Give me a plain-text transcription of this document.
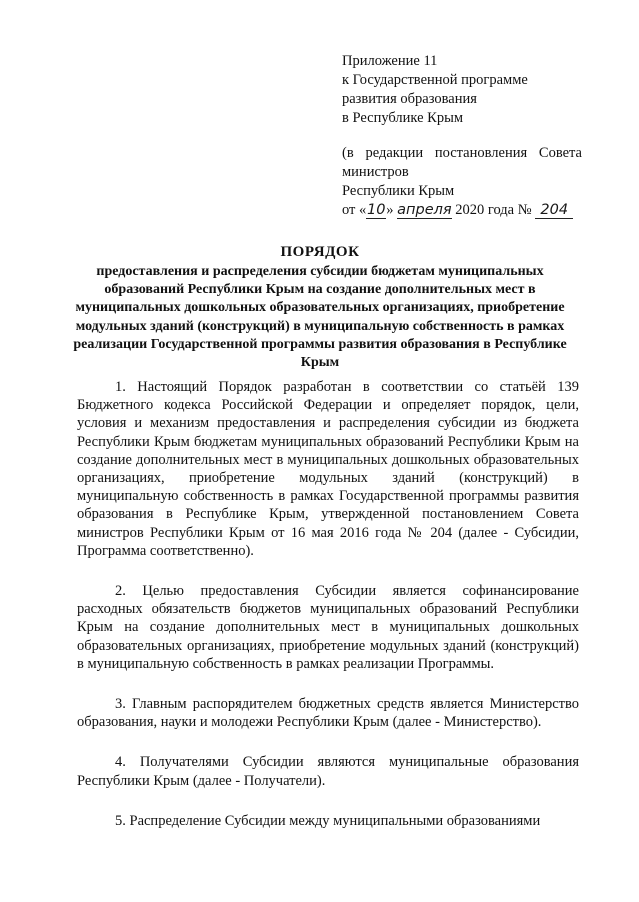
Приложение 11
к Государственной программе
развития образования
в Республике Крым
(в редакции постановления Совета
министров
Республики Крым
от «10» апреля 2020 года № 204
ПОРЯДОК
предоставления и распределения субсидии бюджетам муниципальных образований Республики Крым на создание дополнительных мест в муниципальных дошкольных образовательных организациях, приобретение модульных зданий (конструкций) в муниципальную собственность в рамках реализации Государственной программы развития образования в Республике Крым

1. Настоящий Порядок разработан в соответствии со статьёй 139 Бюджетного кодекса Российской Федерации и определяет порядок, цели, условия и механизм предоставления и распределения субсидии из бюджета Республики Крым бюджетам муниципальных образований Республики Крым на создание дополнительных мест в муниципальных дошкольных образовательных организациях, приобретение модульных зданий (конструкций) в муниципальную собственность в рамках Государственной программы развития образования в Республике Крым, утвержденной постановлением Совета министров Республики Крым от 16 мая 2016 года № 204 (далее - Субсидии, Программа соответственно).

2. Целью предоставления Субсидии является софинансирование расходных обязательств бюджетов муниципальных образований Республики Крым на создание дополнительных мест в муниципальных дошкольных образовательных организациях, приобретение модульных зданий (конструкций) в муниципальную собственность в рамках реализации Программы.

3. Главным распорядителем бюджетных средств является Министерство образования, науки и молодежи Республики Крым (далее - Министерство).

4. Получателями Субсидии являются муниципальные образования Республики Крым (далее - Получатели).

5. Распределение Субсидии между муниципальными образованиями
